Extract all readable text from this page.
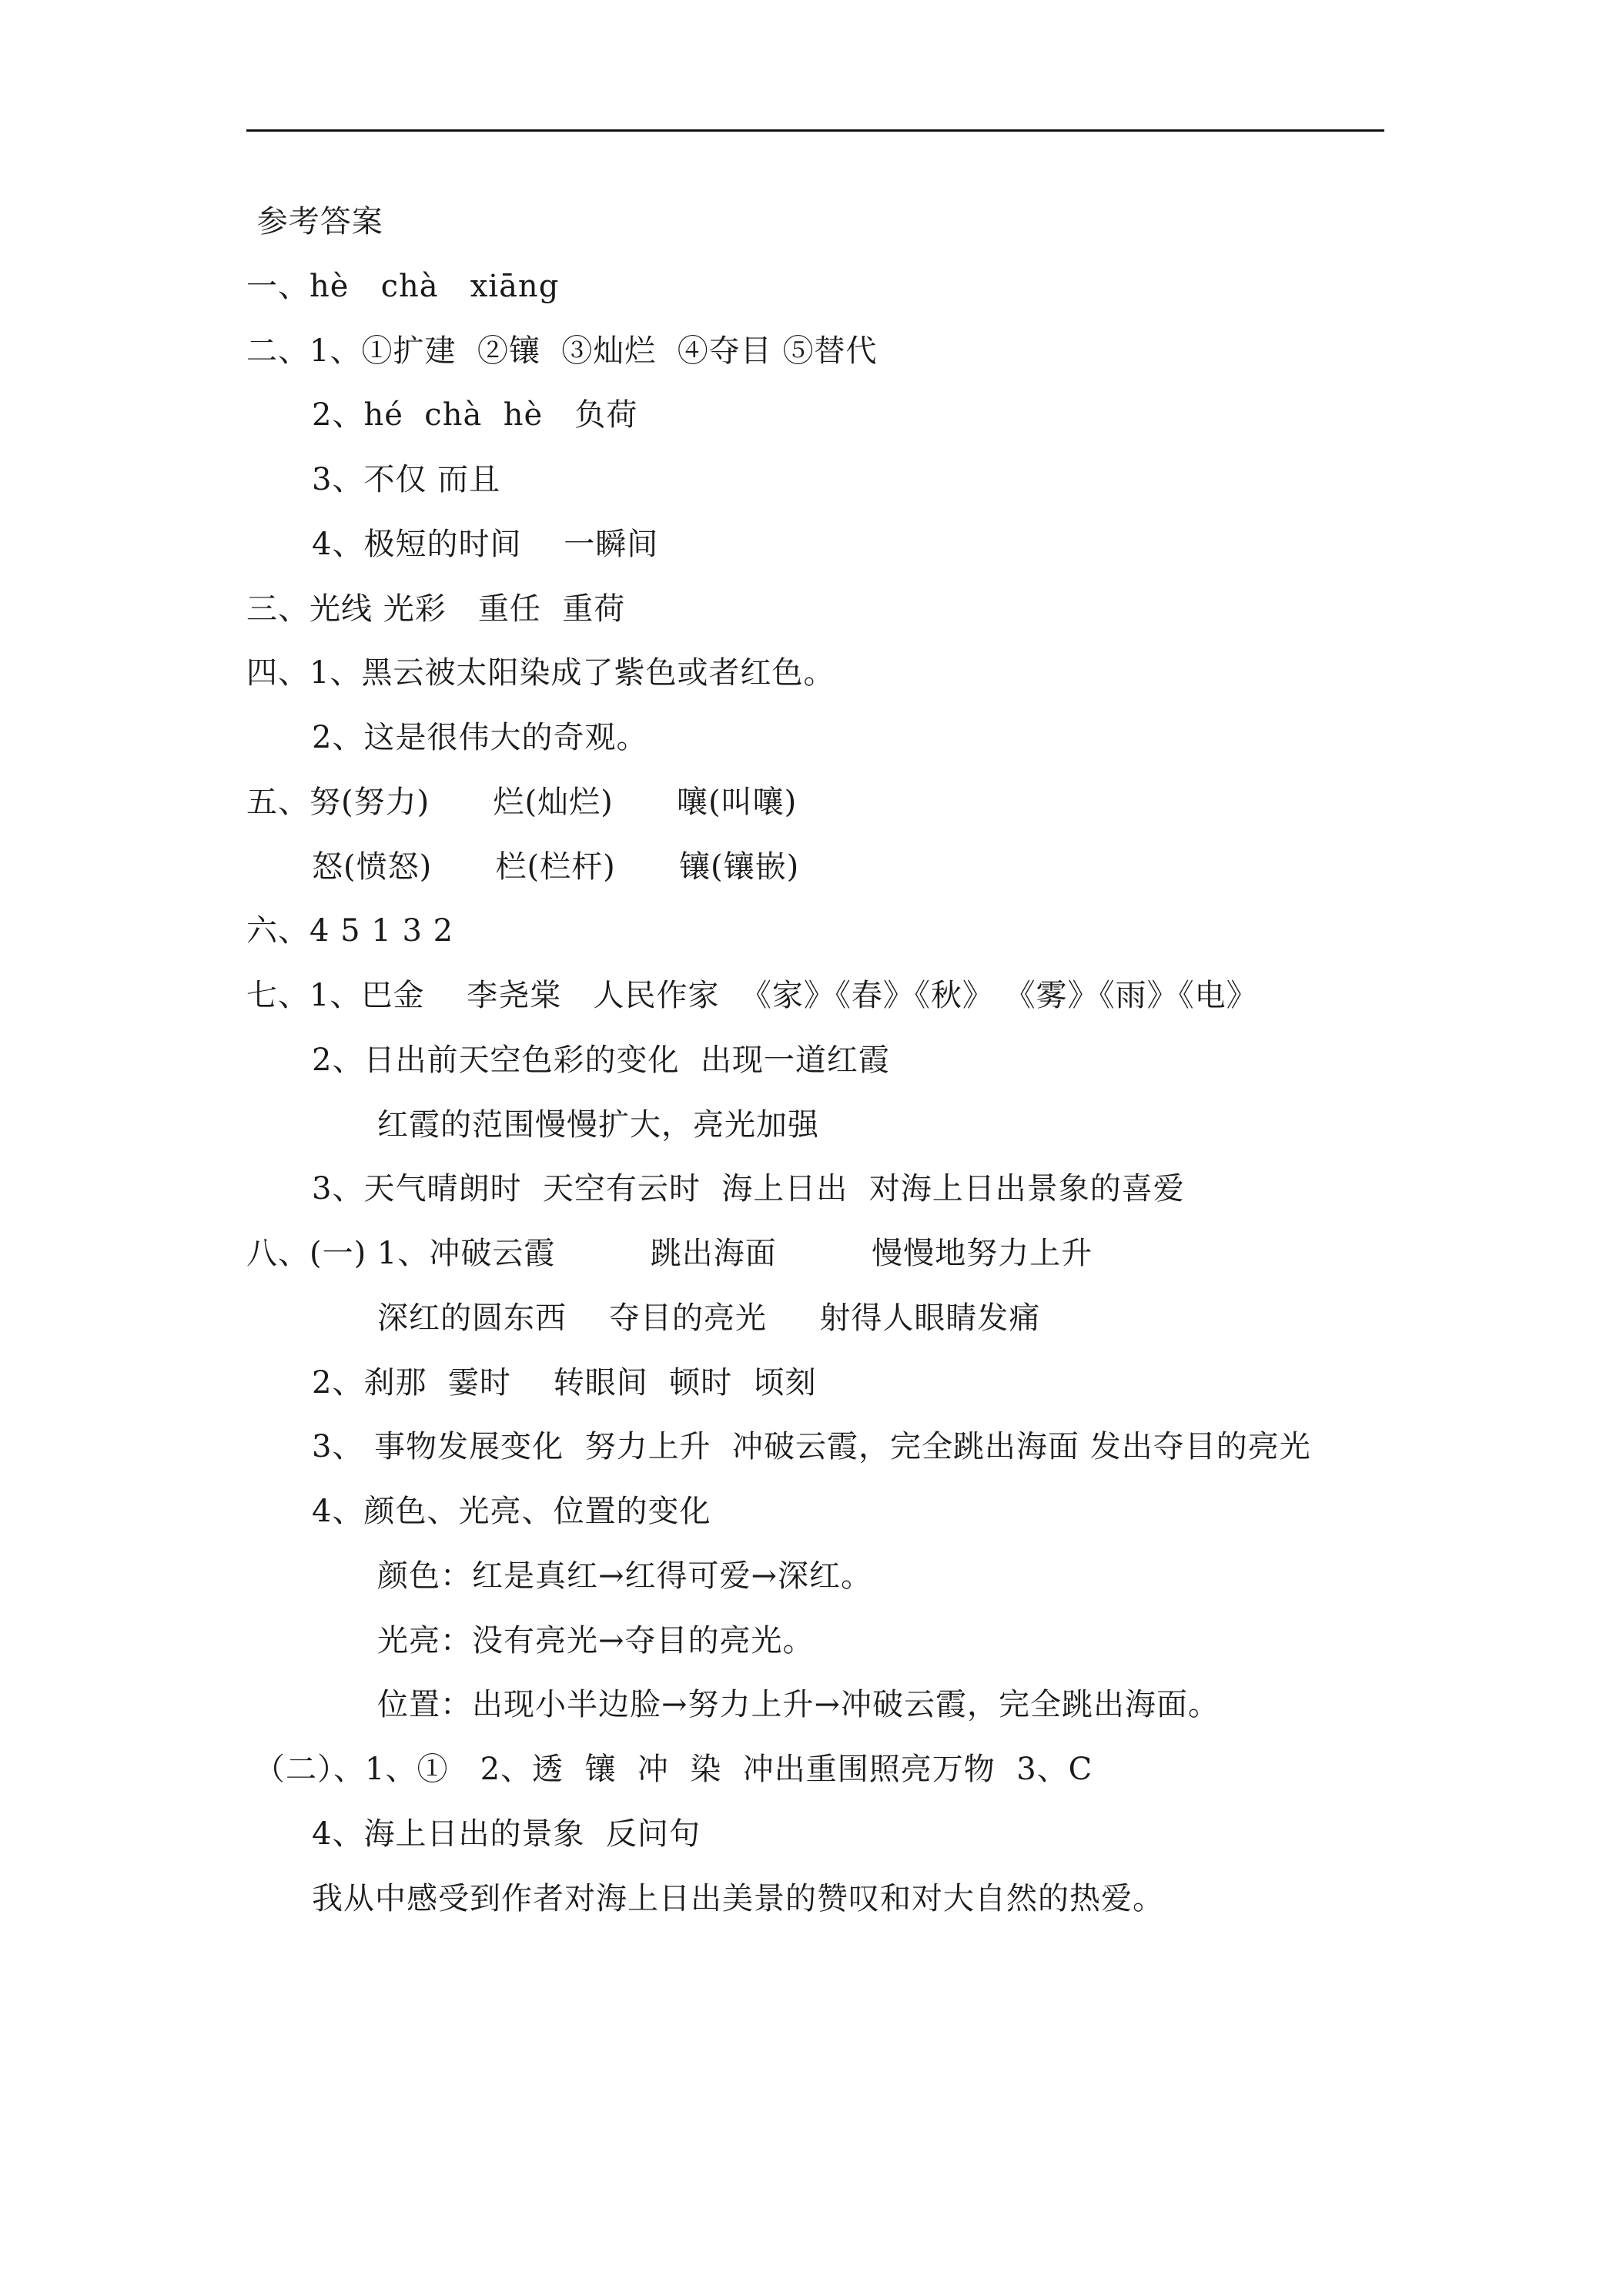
参考答案
一、hè   chà   xiāng
二、1、①扩建  ②镶  ③灿烂  ④夺目 ⑤替代
2、hé  chà  hè   负荷
3、不仅 而且
4、极短的时间    一瞬间
三、光线 光彩   重任  重荷
四、1、黑云被太阳染成了紫色或者红色。
2、这是很伟大的奇观。
五、努(努力)      烂(灿烂)      嚷(叫嚷)
怒(愤怒)      栏(栏杆)      镶(镶嵌)
六、4 5 1 3 2
七、1、巴金    李尧棠   人民作家  《家》《春》《秋》 《雾》《雨》《电》
2、日出前天空色彩的变化  出现一道红霞
红霞的范围慢慢扩大，亮光加强
3、天气晴朗时  天空有云时  海上日出  对海上日出景象的喜爱
八、(一) 1、冲破云霞         跳出海面         慢慢地努力上升
深红的圆东西    夺目的亮光     射得人眼睛发痛
2、刹那  霎时    转眼间  顿时  顷刻
3、 事物发展变化  努力上升  冲破云霞，完全跳出海面 发出夺目的亮光
4、颜色、光亮、位置的变化
颜色：红是真红→红得可爱→深红。
光亮：没有亮光→夺目的亮光。
位置：出现小半边脸→努力上升→冲破云霞，完全跳出海面。
（二）、1、①   2、透  镶  冲  染  冲出重围照亮万物  3、C
4、海上日出的景象  反问句
我从中感受到作者对海上日出美景的赞叹和对大自然的热爱。
